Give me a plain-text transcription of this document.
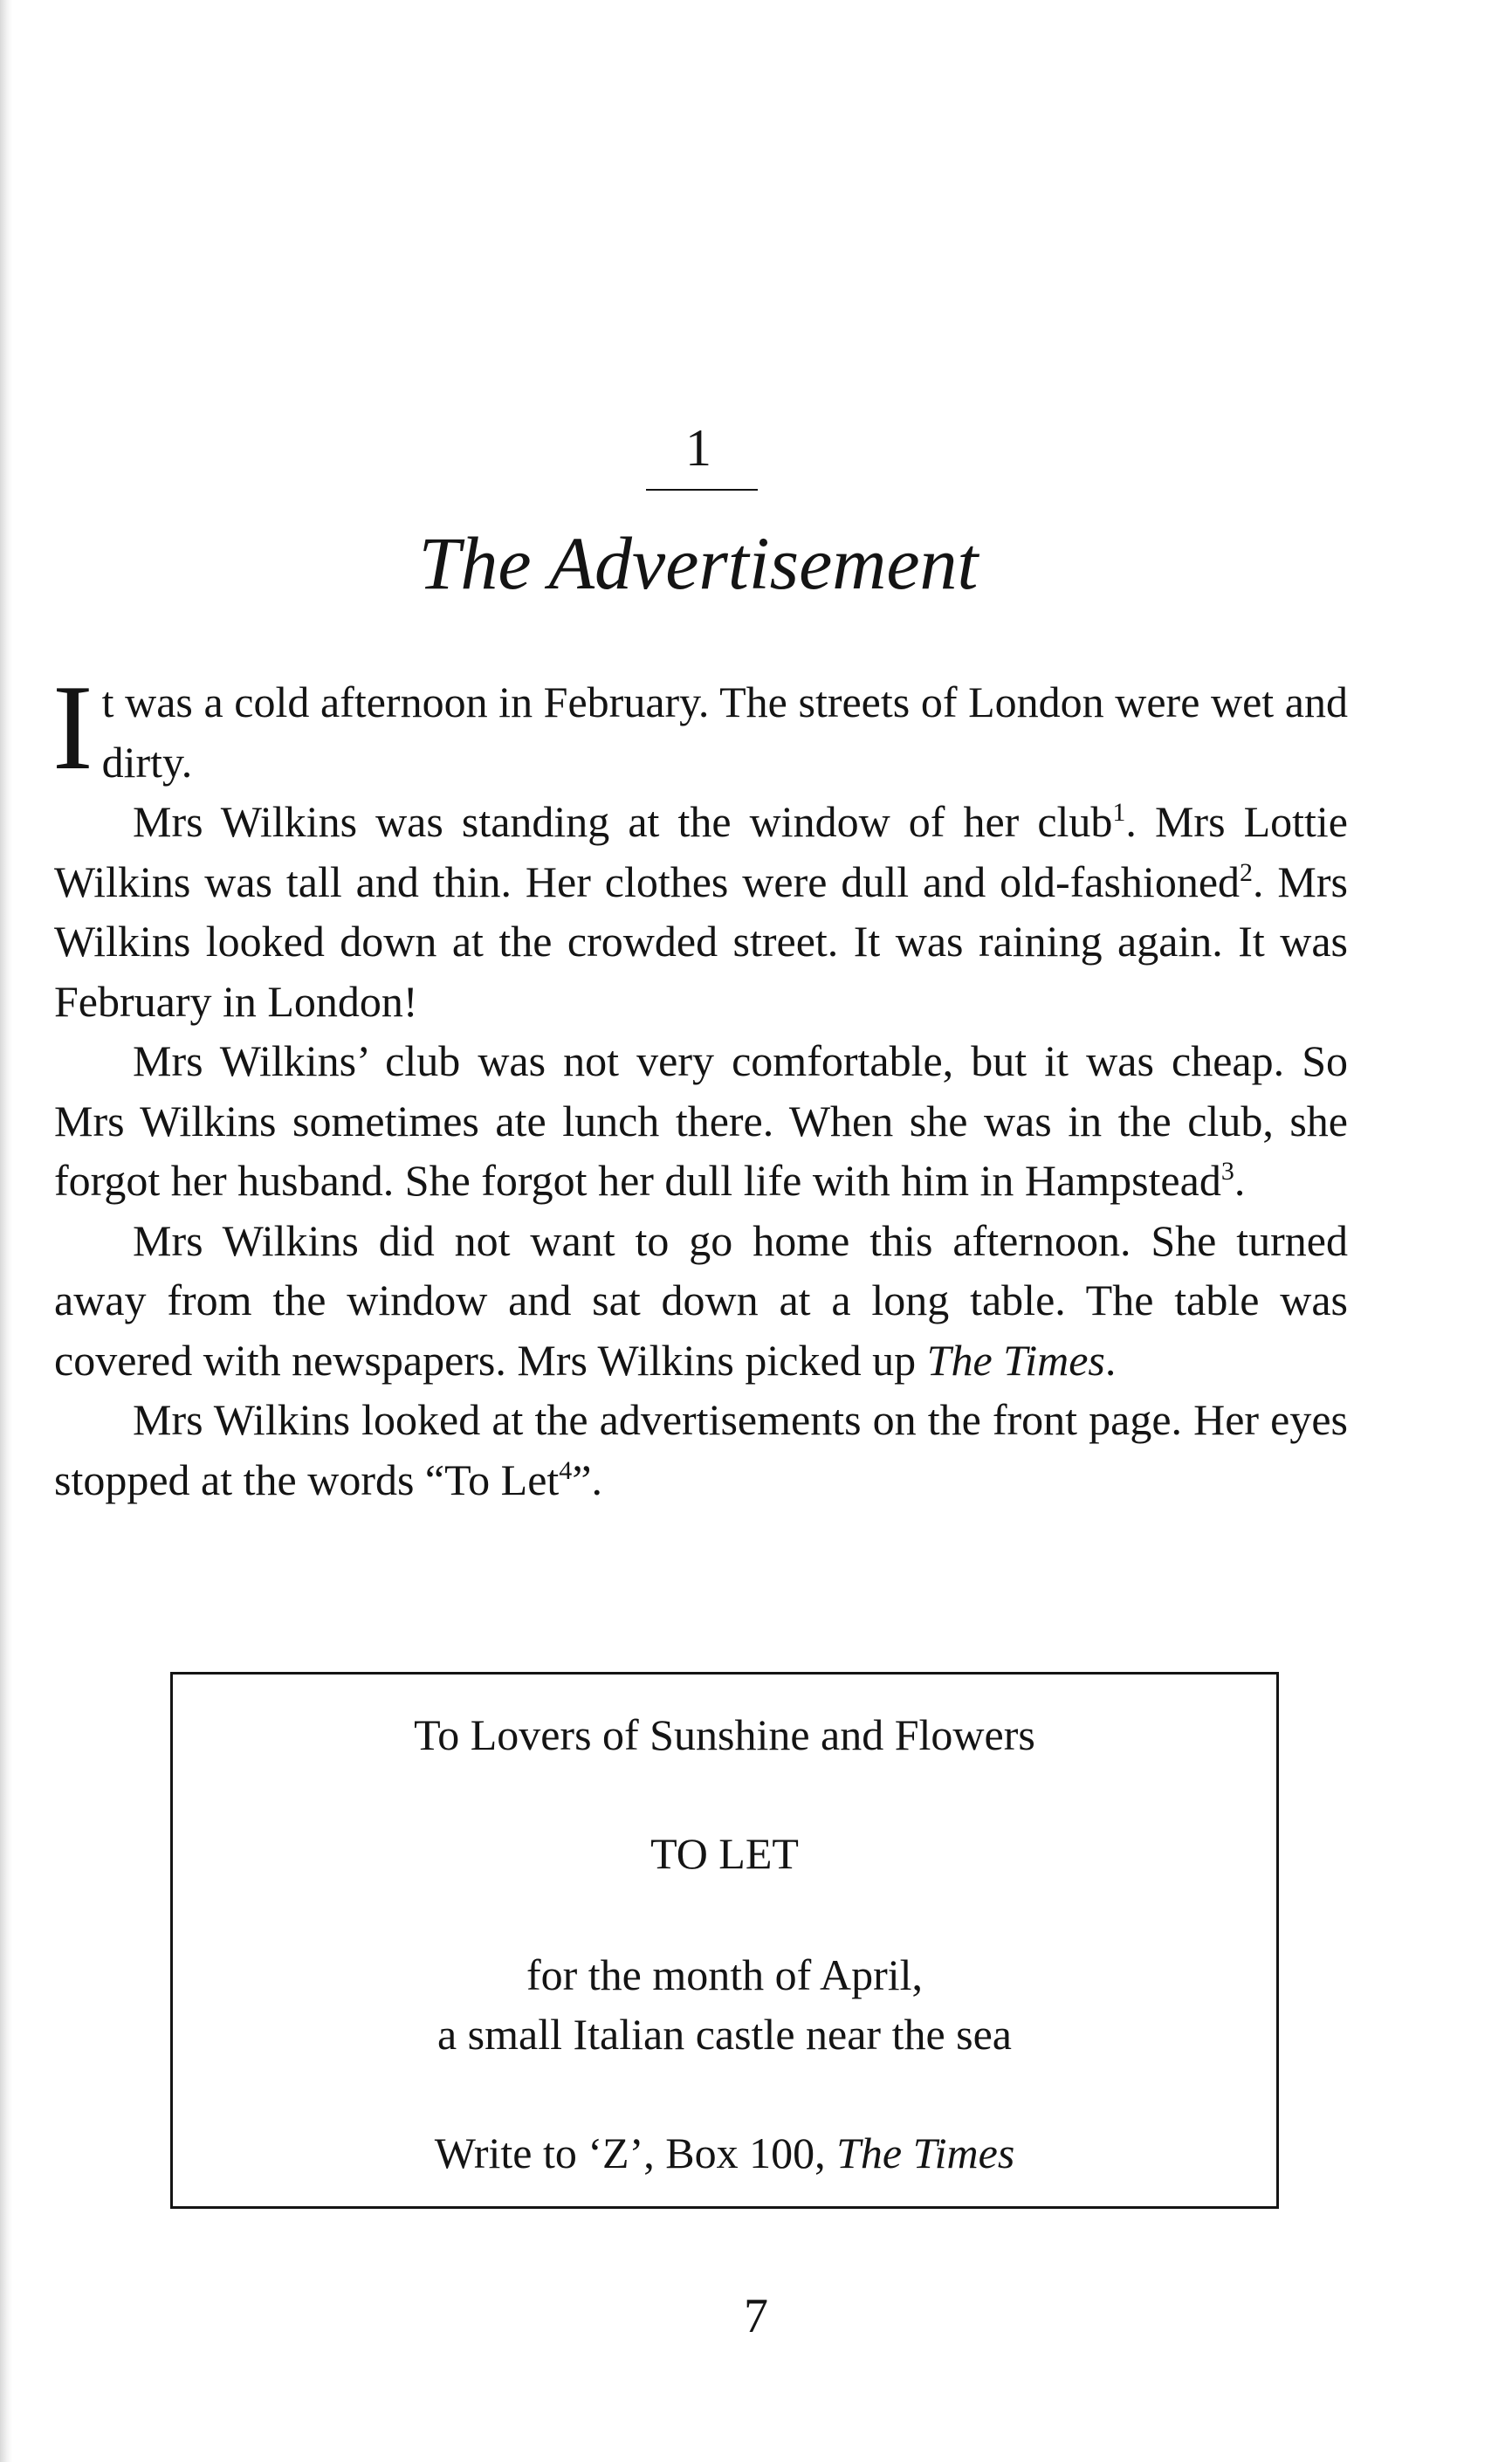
1
The Advertisement

It was a cold afternoon in February. The streets of London were wet and dirty.

Mrs Wilkins was standing at the window of her club$^1$. Mrs Lottie Wilkins was tall and thin. Her clothes were dull and old-fashioned$^2$. Mrs Wilkins looked down at the crowded street. It was raining again. It was February in London!

Mrs Wilkins’ club was not very comfortable, but it was cheap. So Mrs Wilkins sometimes ate lunch there. When she was in the club, she forgot her husband. She forgot her dull life with him in Hampstead$^3$.

Mrs Wilkins did not want to go home this afternoon. She turned away from the window and sat down at a long table. The table was covered with newspapers. Mrs Wilkins picked up The Times.

Mrs Wilkins looked at the advertisements on the front page. Her eyes stopped at the words “To Let$^4$”.

To Lovers of Sunshine and Flowers
TO LET
for the month of April,
a small Italian castle near the sea
Write to ‘Z’, Box 100, The Times
7
